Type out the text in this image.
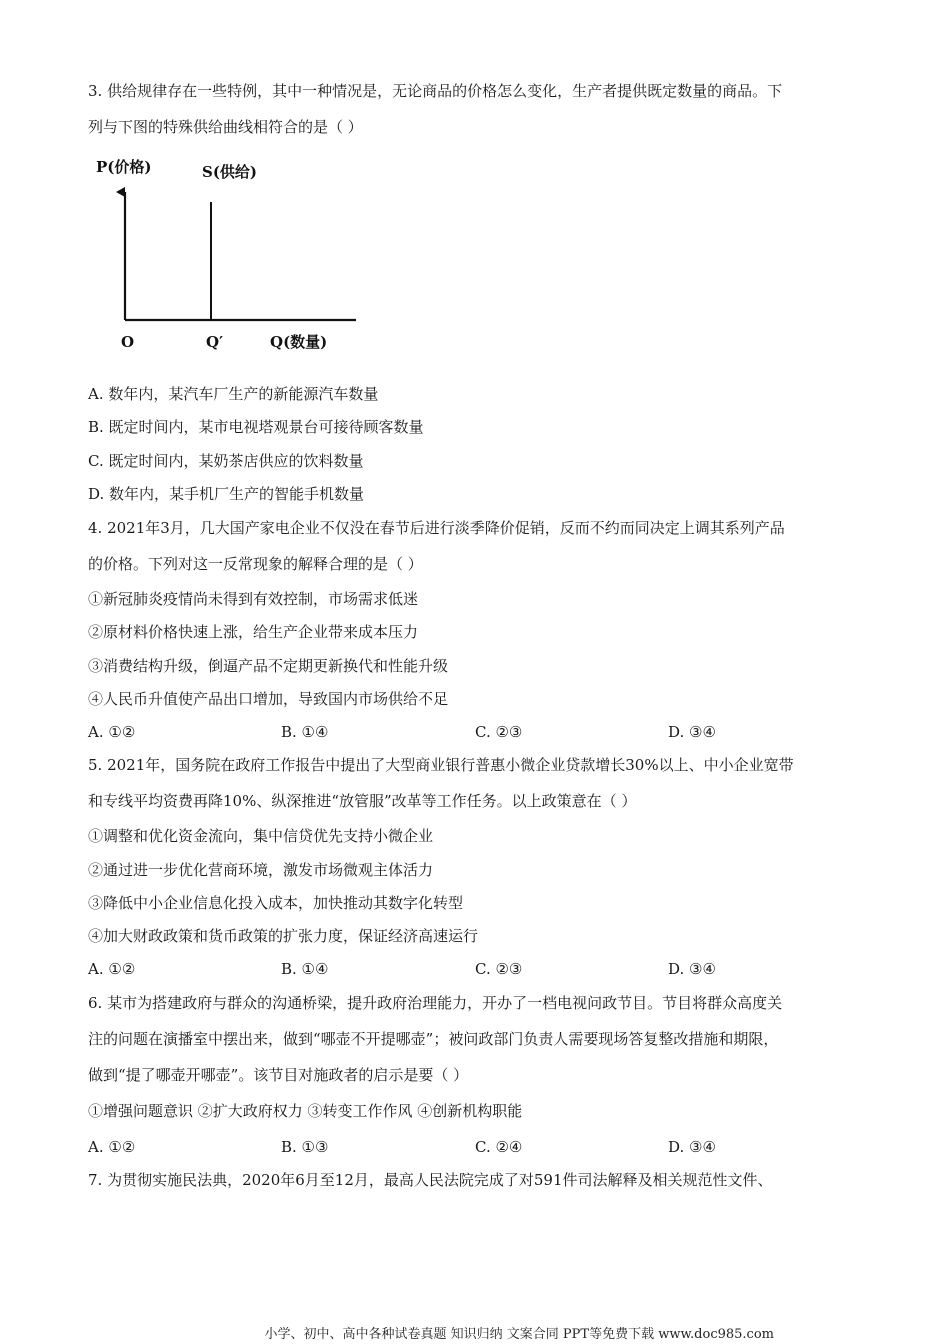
3. 供给规律存在一些特例，其中一种情况是，无论商品的价格怎么变化，生产者提供既定数量的商品。下
列与下图的特殊供给曲线相符合的是（ ）
P(价格)	S(供给)
O	Q′	Q(数量)
A. 数年内，某汽车厂生产的新能源汽车数量
B. 既定时间内，某市电视塔观景台可接待顾客数量
C. 既定时间内，某奶茶店供应的饮料数量
D. 数年内，某手机厂生产的智能手机数量
4. 2021年3月，几大国产家电企业不仅没在春节后进行淡季降价促销，反而不约而同决定上调其系列产品
的价格。下列对这一反常现象的解释合理的是（ ）
①新冠肺炎疫情尚未得到有效控制，市场需求低迷
②原材料价格快速上涨，给生产企业带来成本压力
③消费结构升级，倒逼产品不定期更新换代和性能升级
④人民币升值使产品出口增加，导致国内市场供给不足
A. ①②	B. ①④	C. ②③	D. ③④
5. 2021年，国务院在政府工作报告中提出了大型商业银行普惠小微企业贷款增长30%以上、中小企业宽带
和专线平均资费再降10%、纵深推进“放管服”改革等工作任务。以上政策意在（ ）
①调整和优化资金流向，集中信贷优先支持小微企业
②通过进一步优化营商环境，激发市场微观主体活力
③降低中小企业信息化投入成本，加快推动其数字化转型
④加大财政政策和货币政策的扩张力度，保证经济高速运行
A. ①②	B. ①④	C. ②③	D. ③④
6. 某市为搭建政府与群众的沟通桥梁，提升政府治理能力，开办了一档电视问政节目。节目将群众高度关
注的问题在演播室中摆出来，做到“哪壶不开提哪壶”；被问政部门负责人需要现场答复整改措施和期限，
做到“提了哪壶开哪壶”。该节目对施政者的启示是要（ ）
①增强问题意识 ②扩大政府权力 ③转变工作作风 ④创新机构职能
A. ①②	B. ①③	C. ②④	D. ③④
7. 为贯彻实施民法典，2020年6月至12月，最高人民法院完成了对591件司法解释及相关规范性文件、
小学、初中、高中各种试卷真题 知识归纳 文案合同 PPT等免费下载 www.doc985.com
